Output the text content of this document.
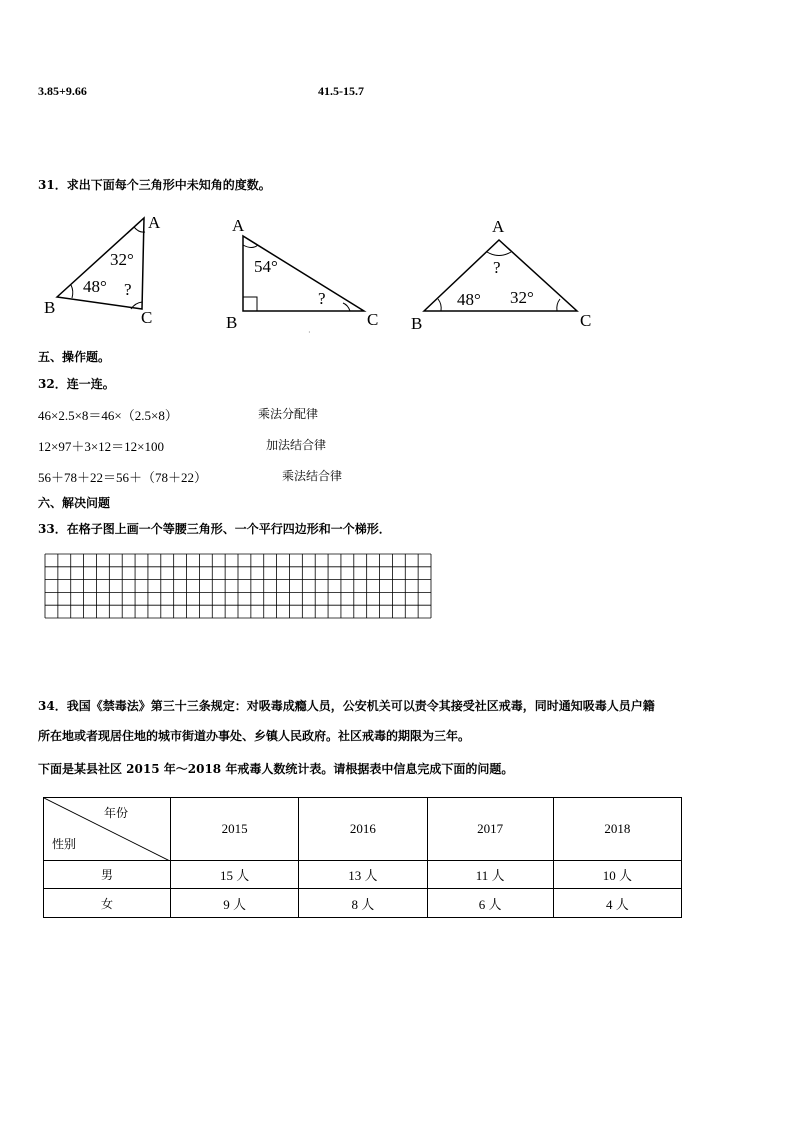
3.85+9.66	41.5-15.7
31．求出下面每个三角形中未知角的度数。
A
B
C
32°
48° ?
A
B	C
54°
?
·
A
B	C
?
48° 32°
五、操作题。
32．连一连。
46×2.5×8＝46×（2.5×8）	乘法分配律
12×97＋3×12＝12×100	加法结合律
56＋78＋22＝56＋（78＋22）	乘法结合律
六、解决问题
33．在格子图上画一个等腰三角形、一个平行四边形和一个梯形．
34．我国《禁毒法》第三十三条规定：对吸毒成瘾人员，公安机关可以责令其接受社区戒毒，同时通知吸毒人员户籍
所在地或者现居住地的城市街道办事处、乡镇人民政府。社区戒毒的期限为三年。
下面是某县社区 2015 年～2018 年戒毒人数统计表。请根据表中信息完成下面的问题。
年份
性别	2015	2016	2017	2018
男	15 人	13 人	11 人	10 人
女	9 人	8 人	6 人	4 人
